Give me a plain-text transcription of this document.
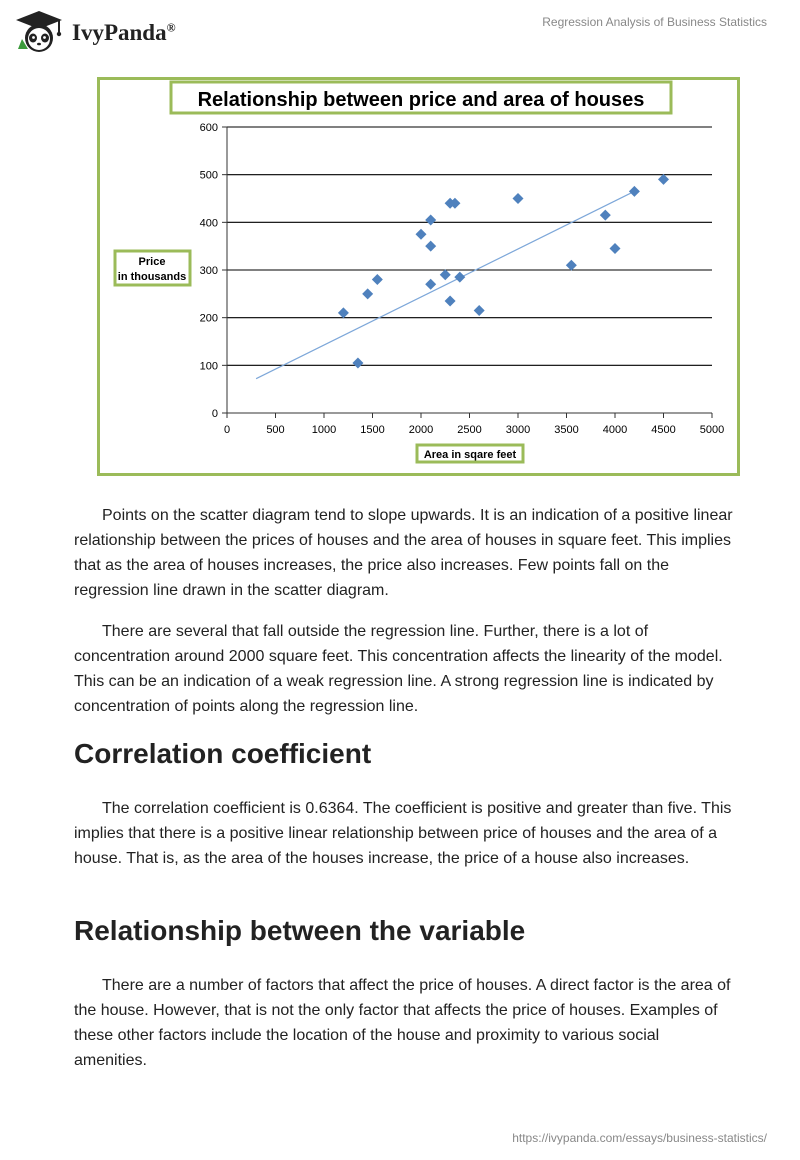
IvyPanda®	Regression Analysis of Business Statistics
Relationship between price and area of houses
0
100
200
300
400
500
600
0	500 1000 1500 2000 2500 3000 3500 4000 4500 5000
Price
in thousands
Area in sqare feet

Points on the scatter diagram tend to slope upwards. It is an indication of a positive linear relationship between the prices of houses and the area of houses in square feet. This implies that as the area of houses increases, the price also increases. Few points fall on the regression line drawn in the scatter diagram.

There are several that fall outside the regression line. Further, there is a lot of concentration around 2000 square feet. This concentration affects the linearity of the model. This can be an indication of a weak regression line. A strong regression line is indicated by concentration of points along the regression line.

Correlation coefficient

The correlation coefficient is 0.6364. The coefficient is positive and greater than five. This implies that there is a positive linear relationship between price of houses and the area of a house. That is, as the area of the houses increase, the price of a house also increases.

Relationship between the variable

There are a number of factors that affect the price of houses. A direct factor is the area of the house. However, that is not the only factor that affects the price of houses. Examples of these other factors include the location of the house and proximity to various social amenities.

https://ivypanda.com/essays/business-statistics/
